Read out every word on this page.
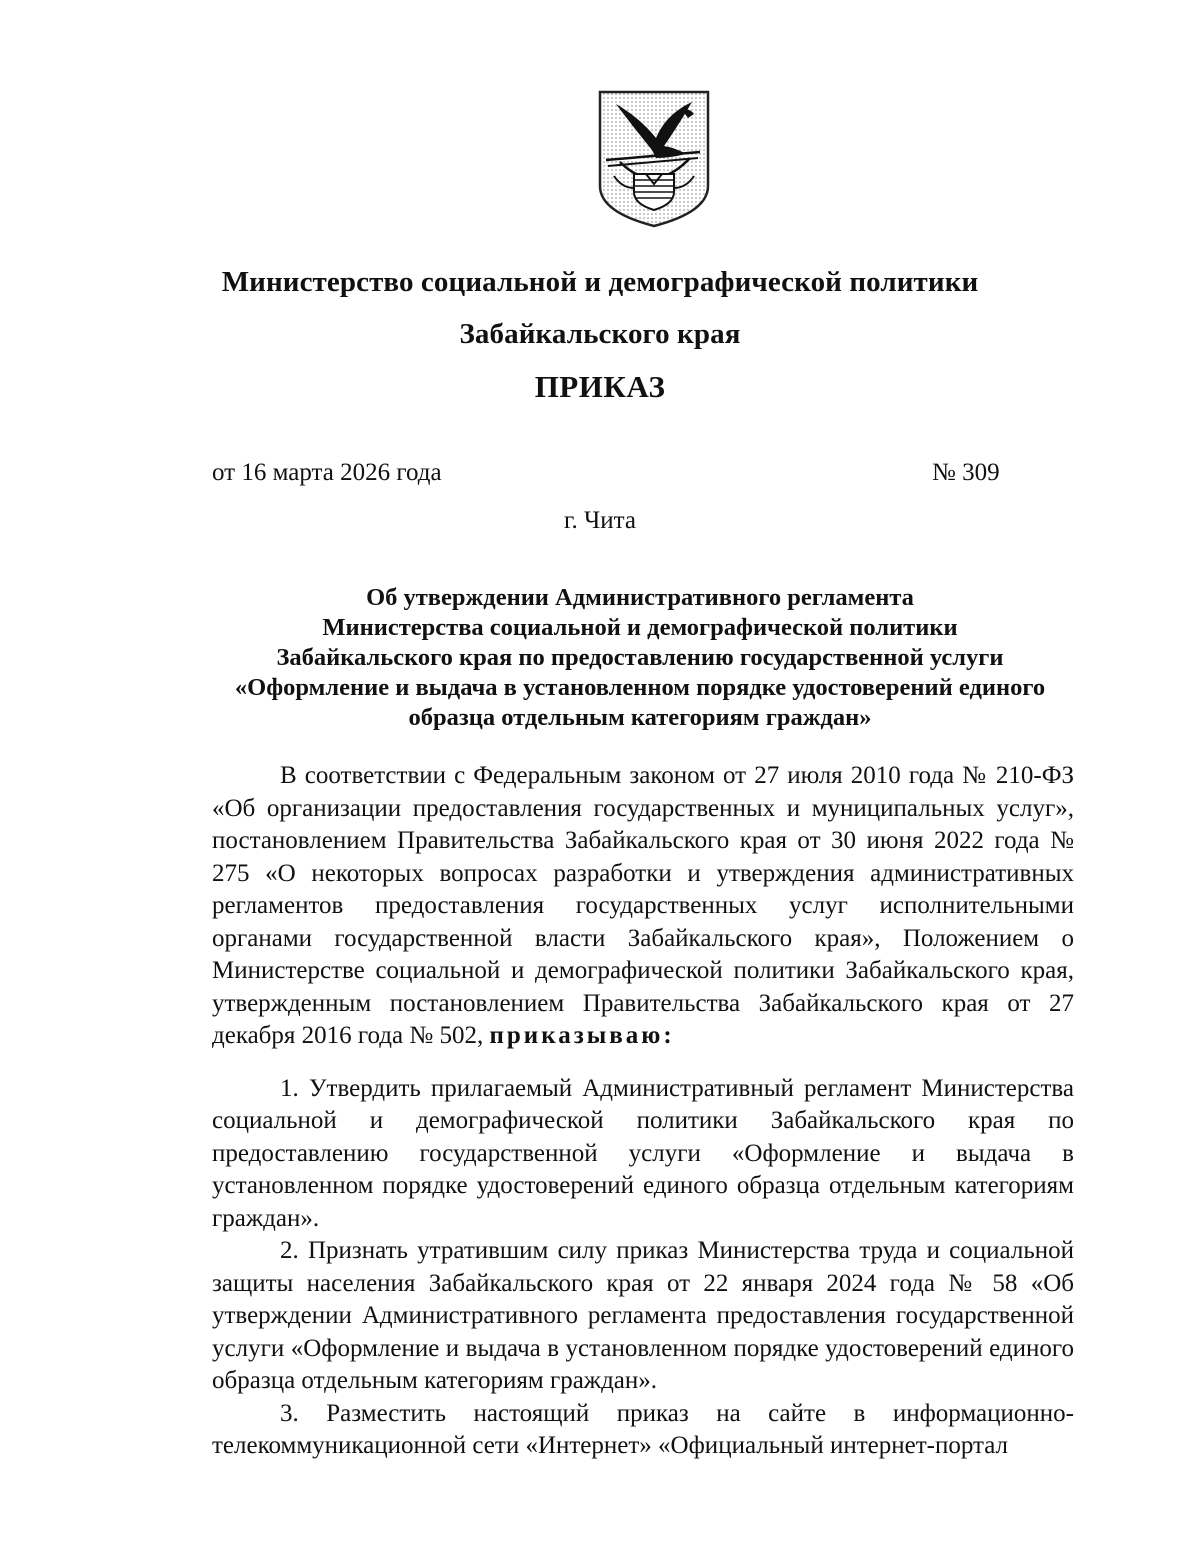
Министерство социальной и демографической политики
Забайкальского края
ПРИКАЗ
от 16 марта 2026 года	№ 309
г. Чита
Об утверждении Административного регламента
Министерства социальной и демографической политики
Забайкальского края по предоставлению государственной услуги
«Оформление и выдача в установленном порядке удостоверений единого
образца отдельным категориям граждан»

В соответствии с Федеральным законом от 27 июля 2010 года № 210-ФЗ «Об организации предоставления государственных и муниципальных услуг», постановлением Правительства Забайкальского края от 30 июня 2022 года № 275 «О некоторых вопросах разработки и утверждения административных регламентов предоставления государственных услуг исполнительными органами государственной власти Забайкальского края», Положением о Министерстве социальной и демографической политики Забайкальского края, утвержденным постановлением Правительства Забайкальского края от 27 декабря 2016 года № 502, приказываю:

1. Утвердить прилагаемый Административный регламент Министерства социальной и демографической политики Забайкальского края по предоставлению государственной услуги «Оформление и выдача в установленном порядке удостоверений единого образца отдельным категориям граждан».

2. Признать утратившим силу приказ Министерства труда и социальной защиты населения Забайкальского края от 22 января 2024 года № 58 «Об утверждении Административного регламента предоставления государственной услуги «Оформление и выдача в установленном порядке удостоверений единого образца отдельным категориям граждан».

3. Разместить настоящий приказ на сайте в информационно-телекоммуникационной сети «Интернет» «Официальный интернет-портал
